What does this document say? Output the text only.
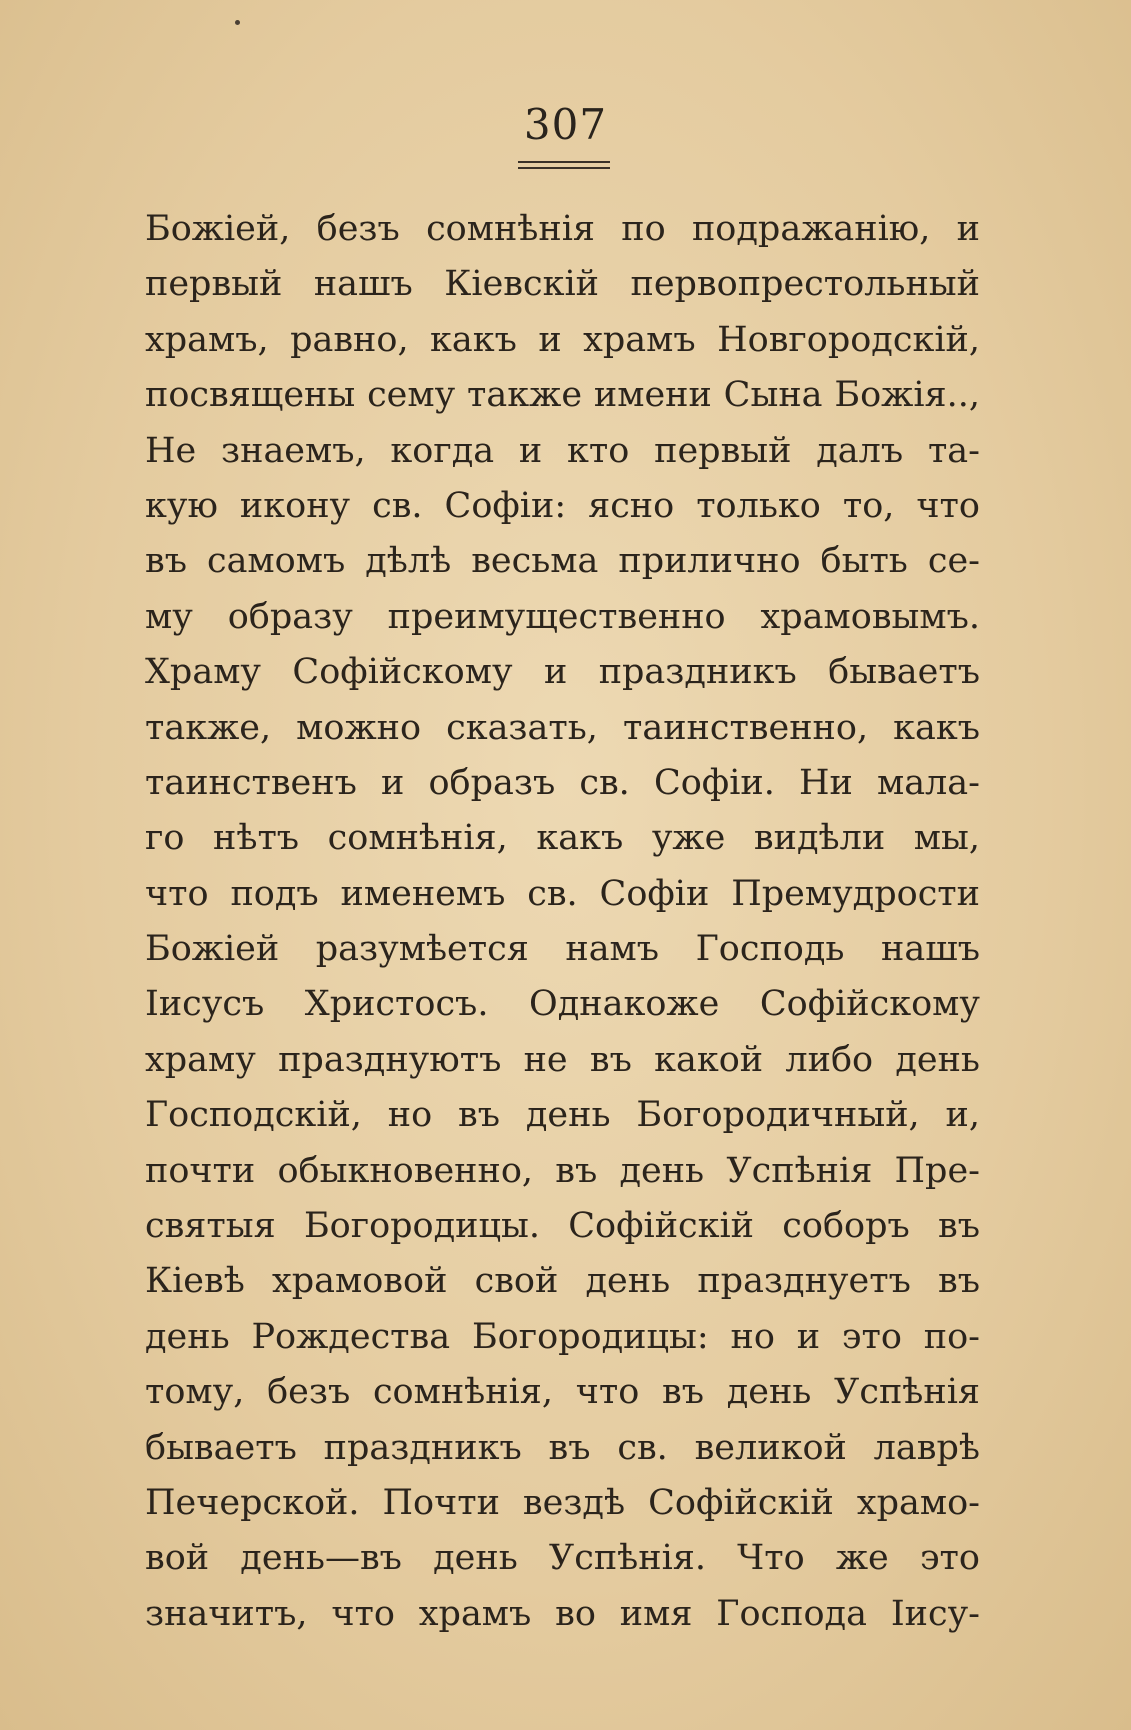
307
Божіей, безъ сомнѣнія по подражанію, и
первый нашъ Кіевскій первопрестольный
храмъ, равно, какъ и храмъ Новгородскій,
посвящены сему также имени Сына Божія..,
Не знаемъ, когда и кто первый далъ та-
кую икону св. Софіи: ясно только то, что
въ самомъ дѣлѣ весьма прилично быть се-
му образу преимущественно храмовымъ.
Храму Софійскому и праздникъ бываетъ
также, можно сказать, таинственно, какъ
таинственъ и образъ св. Софіи. Ни мала-
го нѣтъ сомнѣнія, какъ уже видѣли мы,
что подъ именемъ св. Софіи Премудрости
Божіей разумѣется намъ Господь нашъ
Іисусъ Христосъ. Однакоже Софійскому
храму празднуютъ не въ какой либо день
Господскій, но въ день Богородичный, и,
почти обыкновенно, въ день Успѣнія Пре-
святыя Богородицы. Софійскій соборъ въ
Кіевѣ храмовой свой день празднуетъ въ
день Рождества Богородицы: но и это по-
тому, безъ сомнѣнія, что въ день Успѣнія
бываетъ праздникъ въ св. великой лаврѣ
Печерской. Почти вездѣ Софійскій храмо-
вой день—въ день Успѣнія. Что же это
значитъ, что храмъ во имя Господа Іису-
